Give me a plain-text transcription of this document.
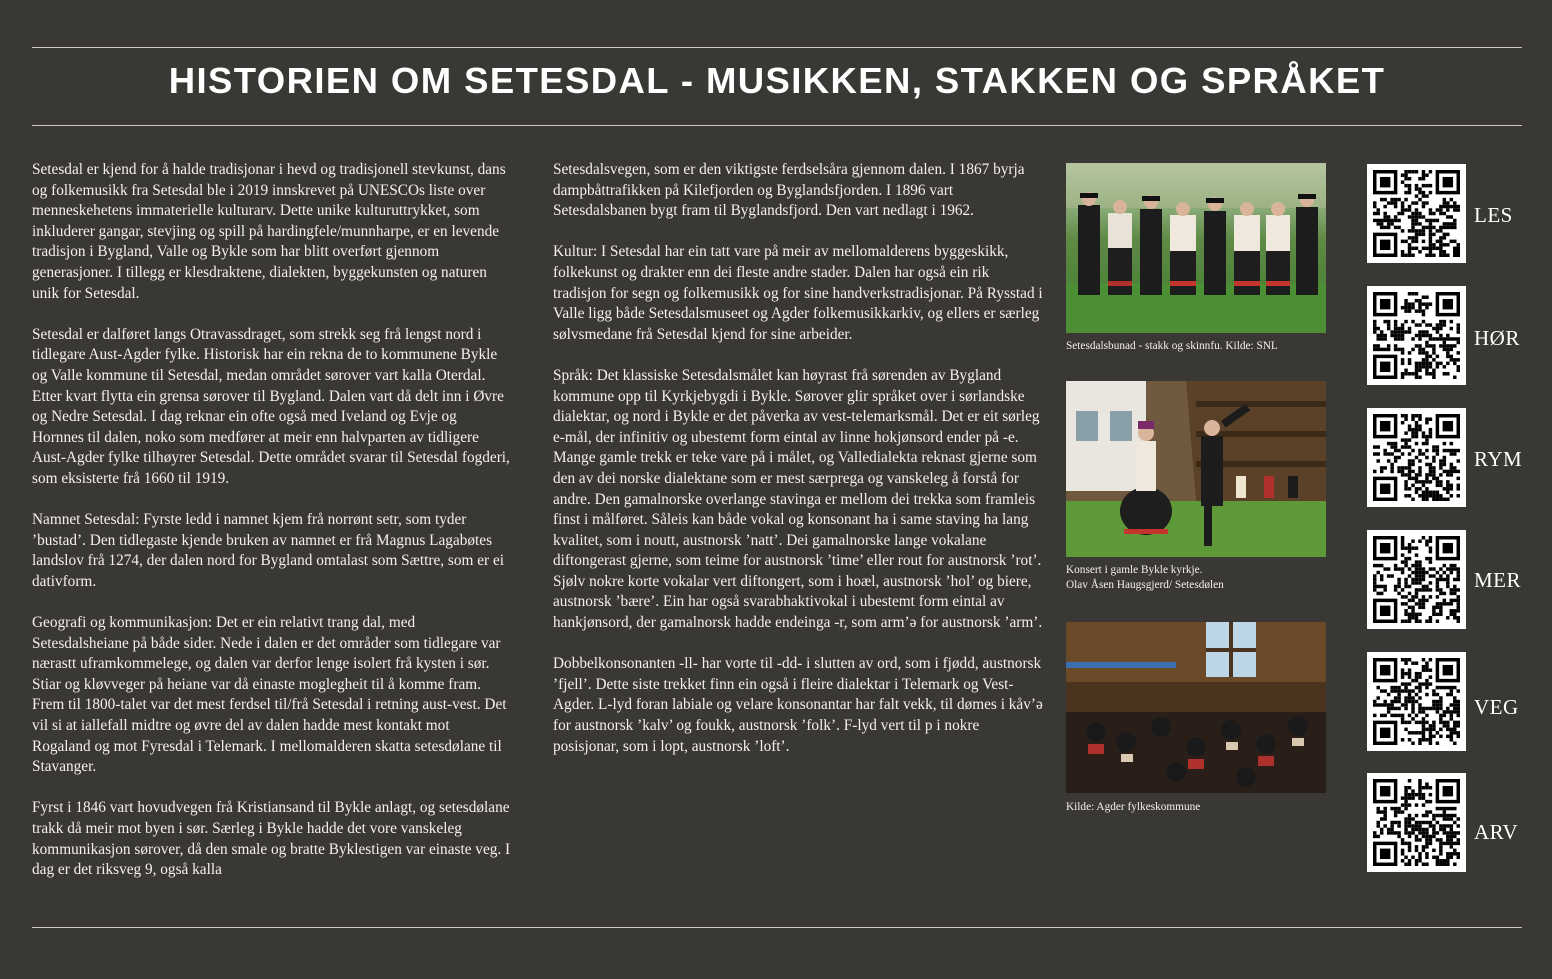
HISTORIEN OM SETESDAL - MUSIKKEN, STAKKEN OG SPRÅKET

Setesdal er kjend for å halde tradisjonar i hevd og tradisjonell stevkunst, dans og folkemusikk fra Setesdal ble i 2019 innskrevet på UNESCOs liste over menneskehetens immaterielle kulturarv. Dette unike kulturuttrykket, som inkluderer gangar, stevjing og spill på hardingfele/munnharpe, er en levende tradisjon i Bygland, Valle og Bykle som har blitt overført gjennom generasjoner. I tillegg er klesdraktene, dialekten, byggekunsten og naturen unik for Setesdal.

Setesdal er dalføret langs Otravassdraget, som strekk seg frå lengst nord i tidlegare Aust-Agder fylke. Historisk har ein rekna de to kommunene Bykle og Valle kommune til Setesdal, medan området sørover vart kalla Oterdal. Etter kvart flytta ein grensa sørover til Bygland. Dalen vart då delt inn i Øvre og Nedre Setesdal. I dag reknar ein ofte også med Iveland og Evje og Hornnes til dalen, noko som medfører at meir enn halvparten av tidligere Aust-Agder fylke tilhøyrer Setesdal. Dette området svarar til Setesdal fogderi, som eksisterte frå 1660 til 1919.

Namnet Setesdal: Fyrste ledd i namnet kjem frå norrønt setr, som tyder ’bustad’. Den tidlegaste kjende bruken av namnet er frå Magnus Lagabøtes landslov frå 1274, der dalen nord for Bygland omtalast som Sættre, som er ei dativform.

Geografi og kommunikasjon: Det er ein relativt trang dal, med Setesdalsheiane på både sider. Nede i dalen er det områder som tidlegare var nærastt uframkommelege, og dalen var derfor lenge isolert frå kysten i sør. Stiar og kløvveger på heiane var då einaste moglegheit til å komme fram. Frem til 1800-talet var det mest ferdsel til/frå Setesdal i retning aust-vest. Det vil si at iallefall midtre og øvre del av dalen hadde mest kontakt mot Rogaland og mot Fyresdal i Telemark. I mellomalderen skatta setesdølane til Stavanger.

Fyrst i 1846 vart hovudvegen frå Kristiansand til Bykle anlagt, og setesdølane trakk då meir mot byen i sør. Særleg i Bykle hadde det vore vanskeleg kommunikasjon sørover, då den smale og bratte Byklestigen var einaste veg. I dag er det riksveg 9, også kalla

Setesdalsvegen, som er den viktigste ferdselsåra gjennom dalen. I 1867 byrja dampbåttrafikken på Kilefjorden og Byglandsfjorden. I 1896 vart Setesdalsbanen bygt fram til Byglandsfjord. Den vart nedlagt i 1962.

Kultur: I Setesdal har ein tatt vare på meir av mellomalderens byggeskikk, folkekunst og drakter enn dei fleste andre stader. Dalen har også ein rik tradisjon for segn og folkemusikk og for sine handverkstradisjonar. På Rysstad i Valle ligg både Setesdalsmuseet og Agder folkemusikkarkiv, og ellers er særleg sølvsmedane frå Setesdal kjend for sine arbeider.

Språk: Det klassiske Setesdalsmålet kan høyrast frå sørenden av Bygland kommune opp til Kyrkjebygdi i Bykle. Sørover glir språket over i sørlandske dialektar, og nord i Bykle er det påverka av vest-telemarksmål. Det er eit sørleg e-mål, der infinitiv og ubestemt form eintal av linne hokjønsord ender på -e. Mange gamle trekk er teke vare på i målet, og Valledialekta reknast gjerne som den av dei norske dialektane som er mest særprega og vanskeleg å forstå for andre. Den gamalnorske overlange stavinga er mellom dei trekka som framleis finst i målføret. Såleis kan både vokal og konsonant ha i same staving ha lang kvalitet, som i noutt, austnorsk ’natt’. Dei gamalnorske lange vokalane diftongerast gjerne, som teime for austnorsk ’time’ eller rout for austnorsk ’rot’. Sjølv nokre korte vokalar vert diftongert, som i hoæl, austnorsk ’hol’ og biere, austnorsk ’bære’. Ein har også svarabhaktivokal i ubestemt form eintal av hankjønsord, der gamalnorsk hadde endeinga -r, som arm’ə for austnorsk ’arm’.

Dobbelkonsonanten -ll- har vorte til -dd- i slutten av ord, som i fjødd, austnorsk ’fjell’. Dette siste trekket finn ein også i fleire dialektar i Telemark og Vest-Agder. L-lyd foran labiale og velare konsonantar har falt vekk, til dømes i kåv’ə for austnorsk ’kalv’ og foukk, austnorsk ’folk’. F-lyd vert til p i nokre posisjonar, som i lopt, austnorsk ’loft’.

Setesdalsbunad - stakk og skinnfu. Kilde: SNL
Konsert i gamle Bykle kyrkje.
Olav Åsen Haugsgjerd/ Setesdølen
Kilde: Agder fylkeskommune
LES
HØR
RYM
MER
VEG
ARV
